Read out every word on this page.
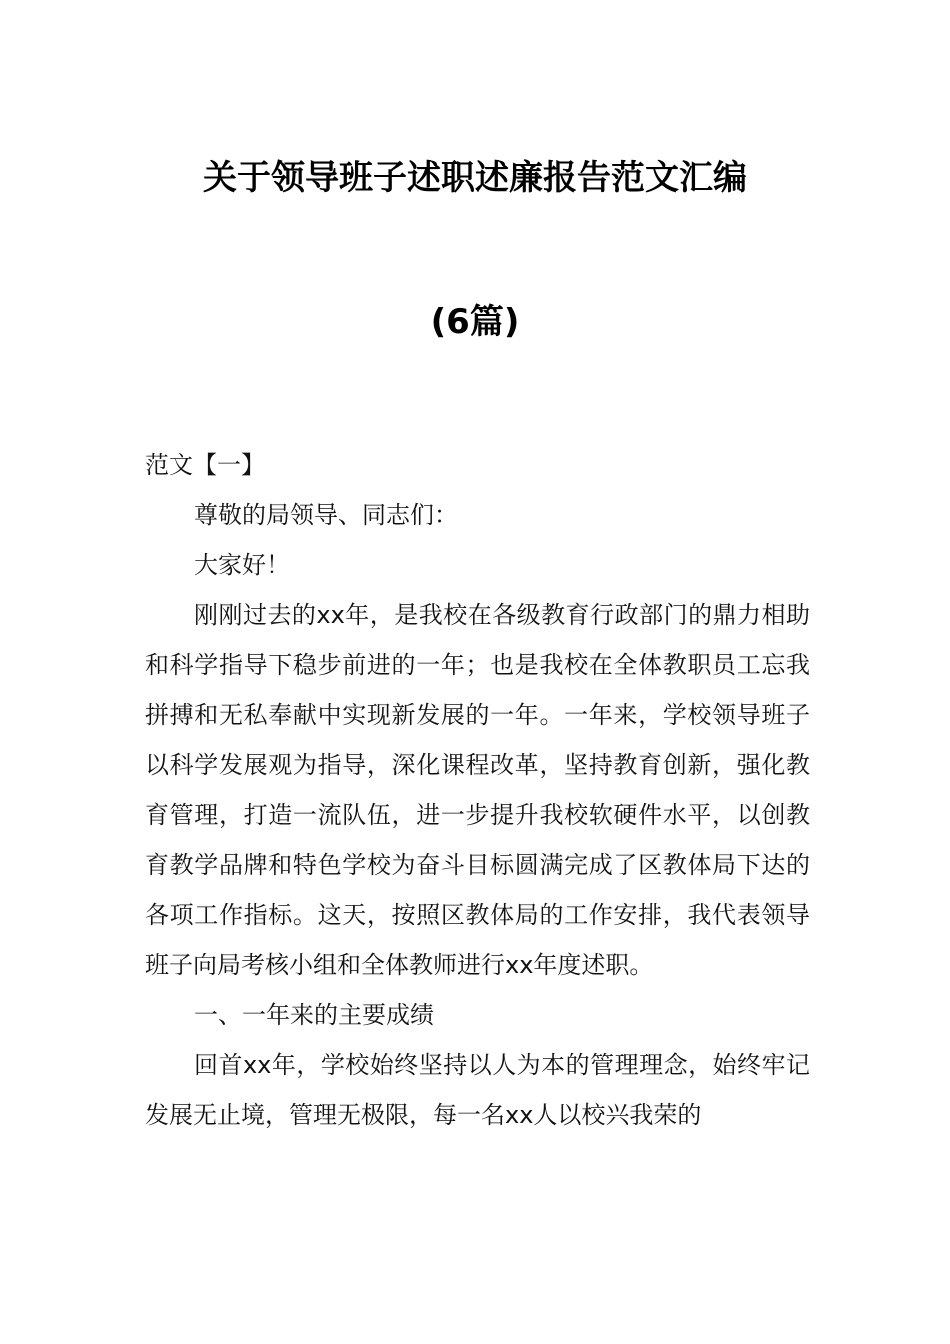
关于领导班子述职述廉报告范文汇编
(6篇)

范文【一】

尊敬的局领导、同志们：

大家好！

刚刚过去的xx年，是我校在各级教育行政部门的鼎力相助和科学指导下稳步前进的一年；也是我校在全体教职员工忘我拼搏和无私奉献中实现新发展的一年。一年来，学校领导班子以科学发展观为指导，深化课程改革，坚持教育创新，强化教育管理，打造一流队伍，进一步提升我校软硬件水平，以创教育教学品牌和特色学校为奋斗目标圆满完成了区教体局下达的各项工作指标。这天，按照区教体局的工作安排，我代表领导班子向局考核小组和全体教师进行xx年度述职。

一、一年来的主要成绩

回首xx年，学校始终坚持以人为本的管理理念，始终牢记发展无止境，管理无极限，每一名xx人以校兴我荣的
